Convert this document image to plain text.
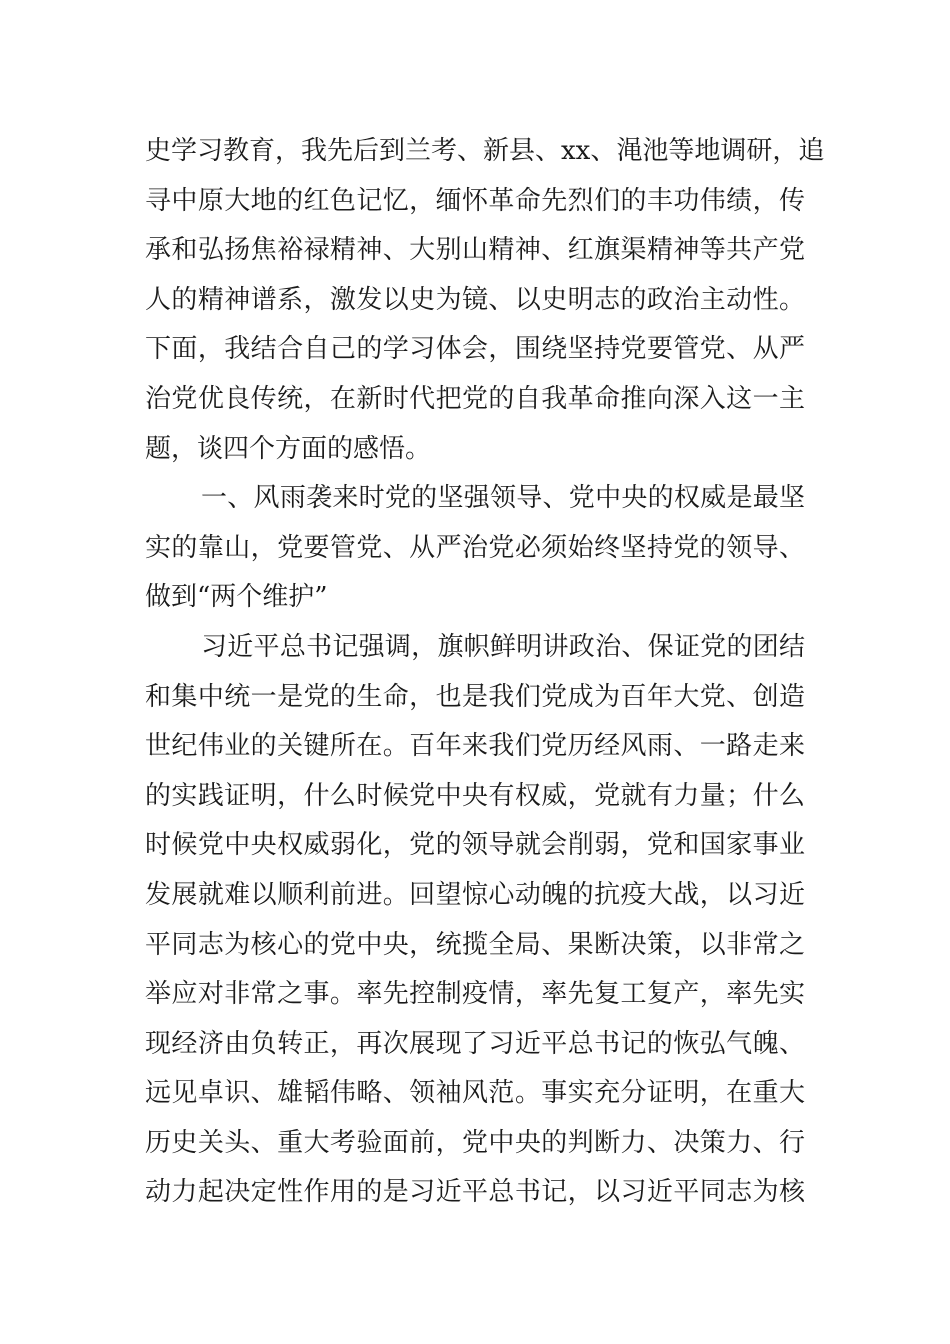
史学习教育，我先后到兰考、新县、xx、渑池等地调研，追
寻中原大地的红色记忆，缅怀革命先烈们的丰功伟绩，传
承和弘扬焦裕禄精神、大别山精神、红旗渠精神等共产党
人的精神谱系，激发以史为镜、以史明志的政治主动性。
下面，我结合自己的学习体会，围绕坚持党要管党、从严
治党优良传统，在新时代把党的自我革命推向深入这一主
题，谈四个方面的感悟。
一、风雨袭来时党的坚强领导、党中央的权威是最坚
实的靠山，党要管党、从严治党必须始终坚持党的领导、
做到“两个维护”
习近平总书记强调，旗帜鲜明讲政治、保证党的团结
和集中统一是党的生命，也是我们党成为百年大党、创造
世纪伟业的关键所在。百年来我们党历经风雨、一路走来
的实践证明，什么时候党中央有权威，党就有力量；什么
时候党中央权威弱化，党的领导就会削弱，党和国家事业
发展就难以顺利前进。回望惊心动魄的抗疫大战，以习近
平同志为核心的党中央，统揽全局、果断决策，以非常之
举应对非常之事。率先控制疫情，率先复工复产，率先实
现经济由负转正，再次展现了习近平总书记的恢弘气魄、
远见卓识、雄韬伟略、领袖风范。事实充分证明，在重大
历史关头、重大考验面前，党中央的判断力、决策力、行
动力起决定性作用的是习近平总书记，以习近平同志为核
